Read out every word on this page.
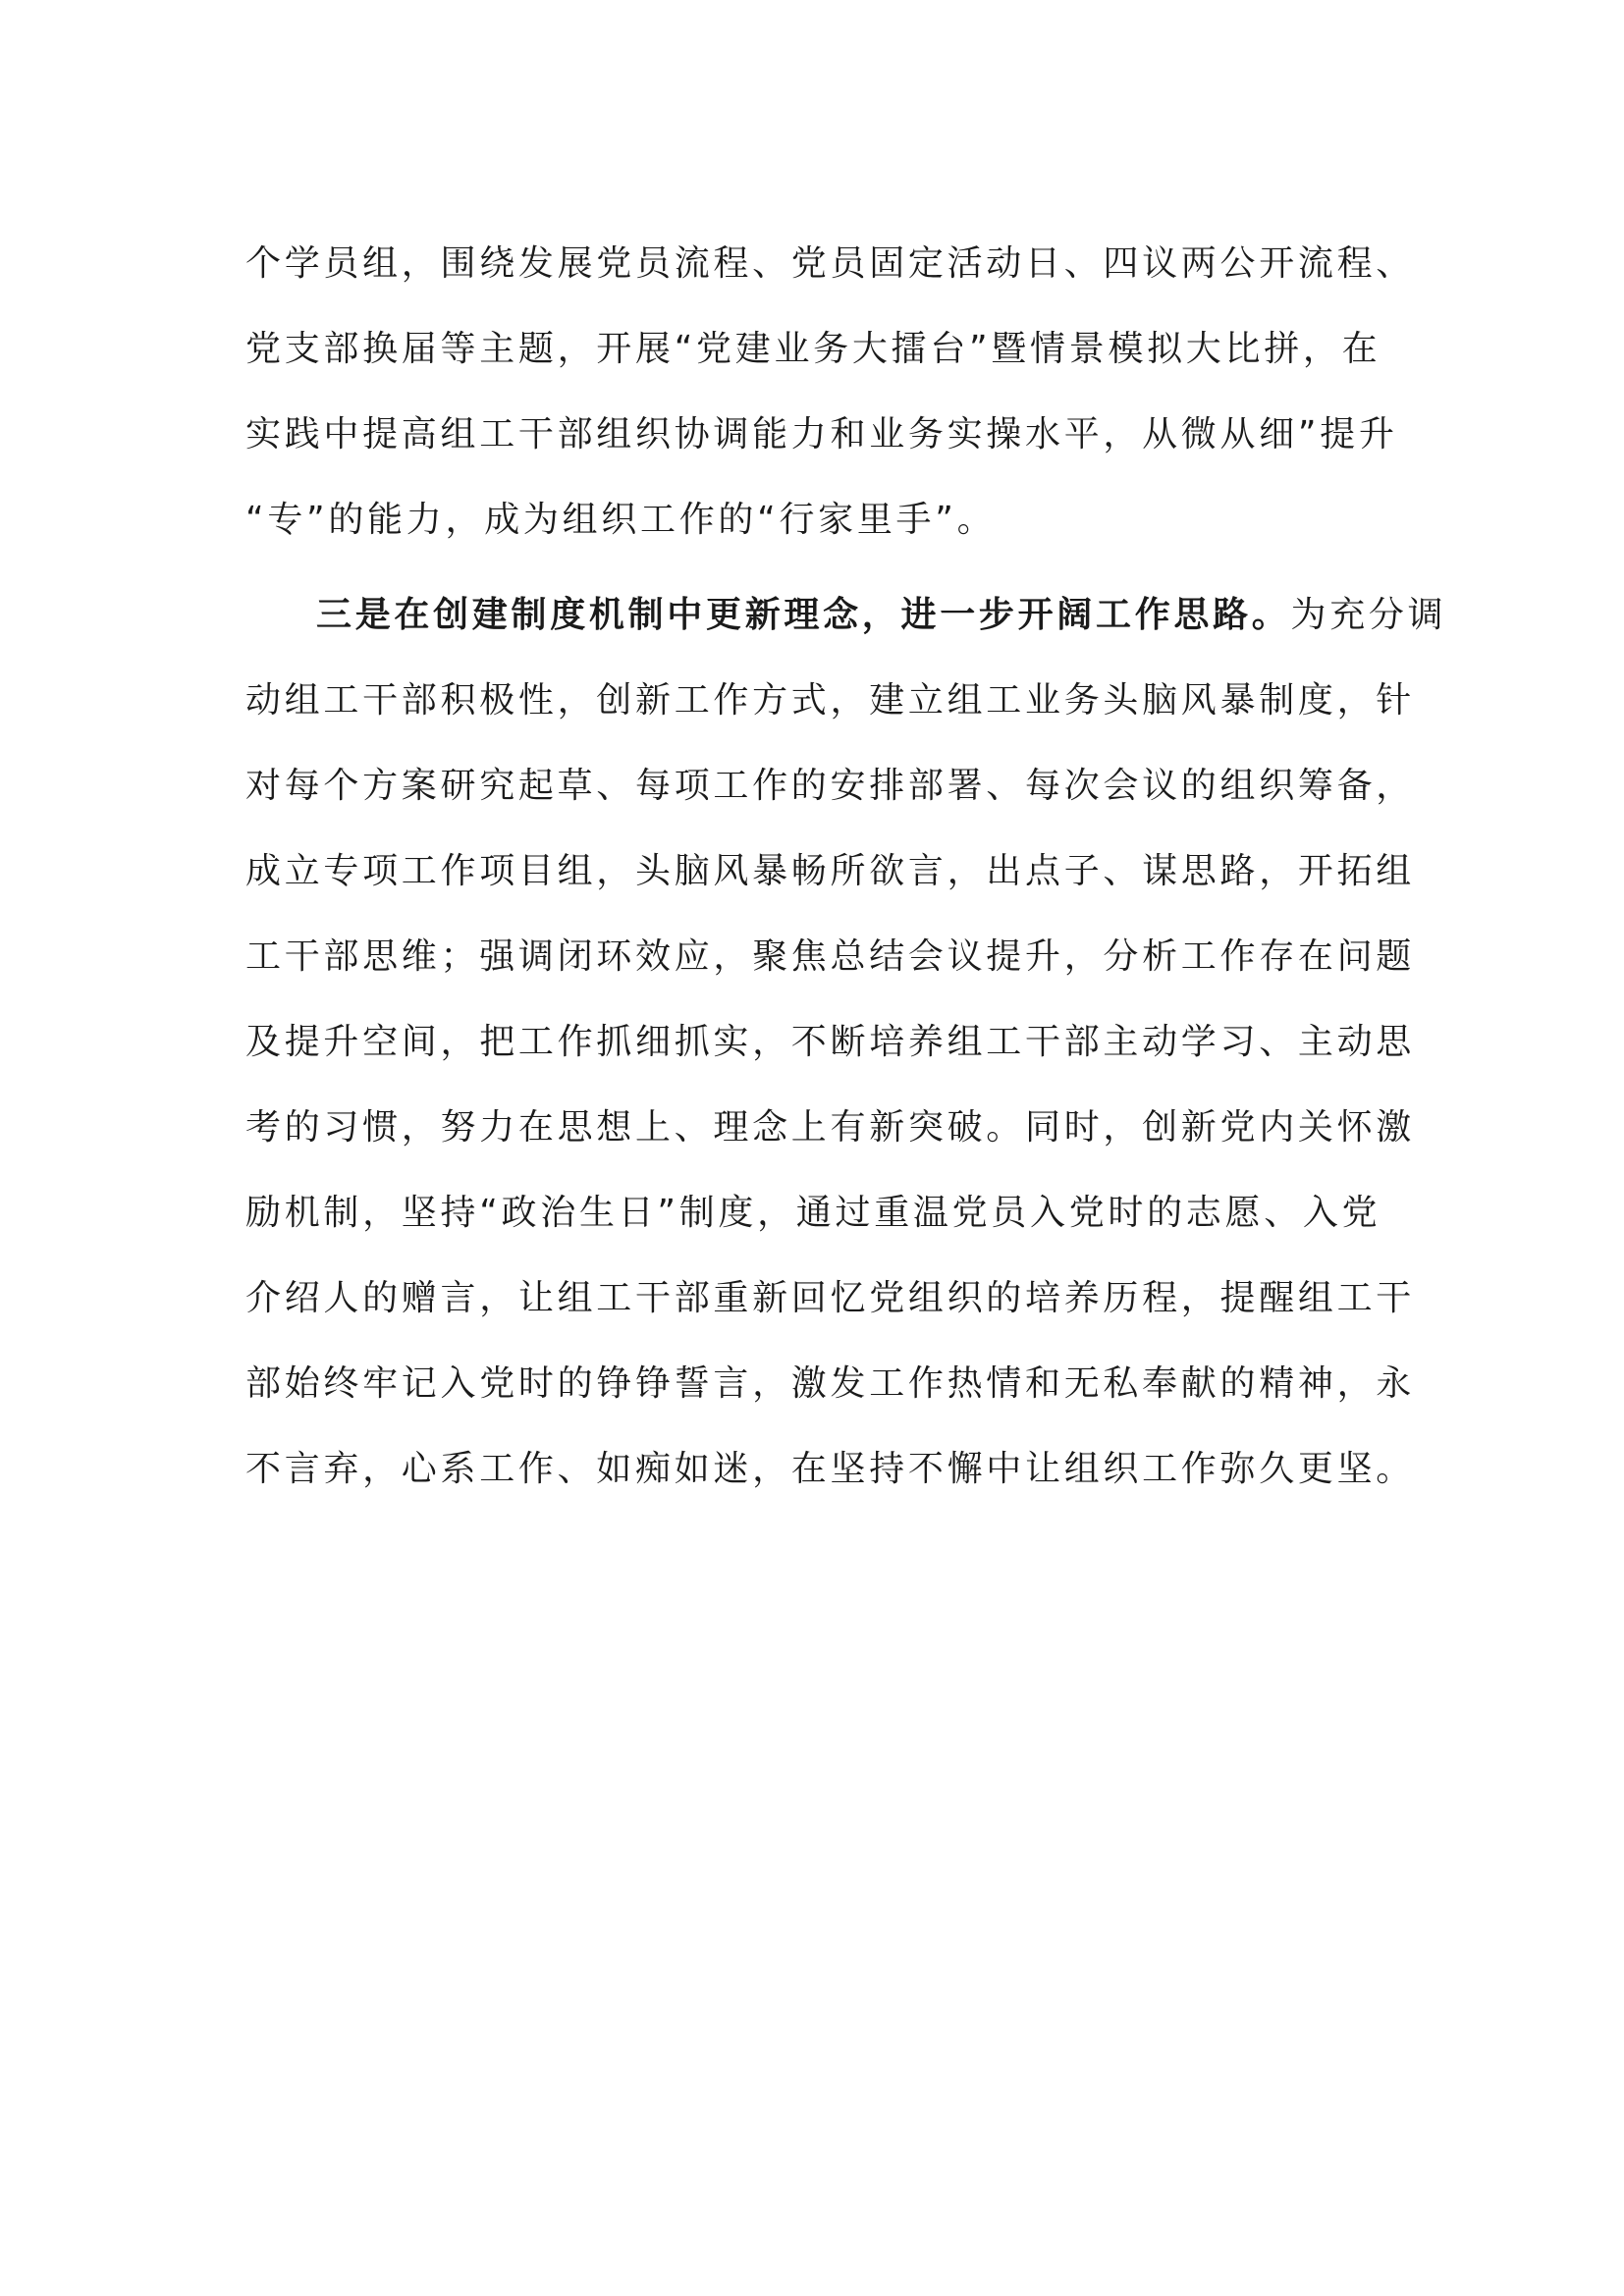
个学员组，围绕发展党员流程、党员固定活动日、四议两公开流程、
党支部换届等主题，开展“党建业务大擂台”暨情景模拟大比拼，在
实践中提高组工干部组织协调能力和业务实操水平，从微从细”提升
“专”的能力，成为组织工作的“行家里手”。
三是在创建制度机制中更新理念，进一步开阔工作思路。为充分调
动组工干部积极性，创新工作方式，建立组工业务头脑风暴制度，针
对每个方案研究起草、每项工作的安排部署、每次会议的组织筹备，
成立专项工作项目组，头脑风暴畅所欲言，出点子、谋思路，开拓组
工干部思维；强调闭环效应，聚焦总结会议提升，分析工作存在问题
及提升空间，把工作抓细抓实，不断培养组工干部主动学习、主动思
考的习惯，努力在思想上、理念上有新突破。同时，创新党内关怀激
励机制，坚持“政治生日”制度，通过重温党员入党时的志愿、入党
介绍人的赠言，让组工干部重新回忆党组织的培养历程，提醒组工干
部始终牢记入党时的铮铮誓言，激发工作热情和无私奉献的精神，永
不言弃，心系工作、如痴如迷，在坚持不懈中让组织工作弥久更坚。
